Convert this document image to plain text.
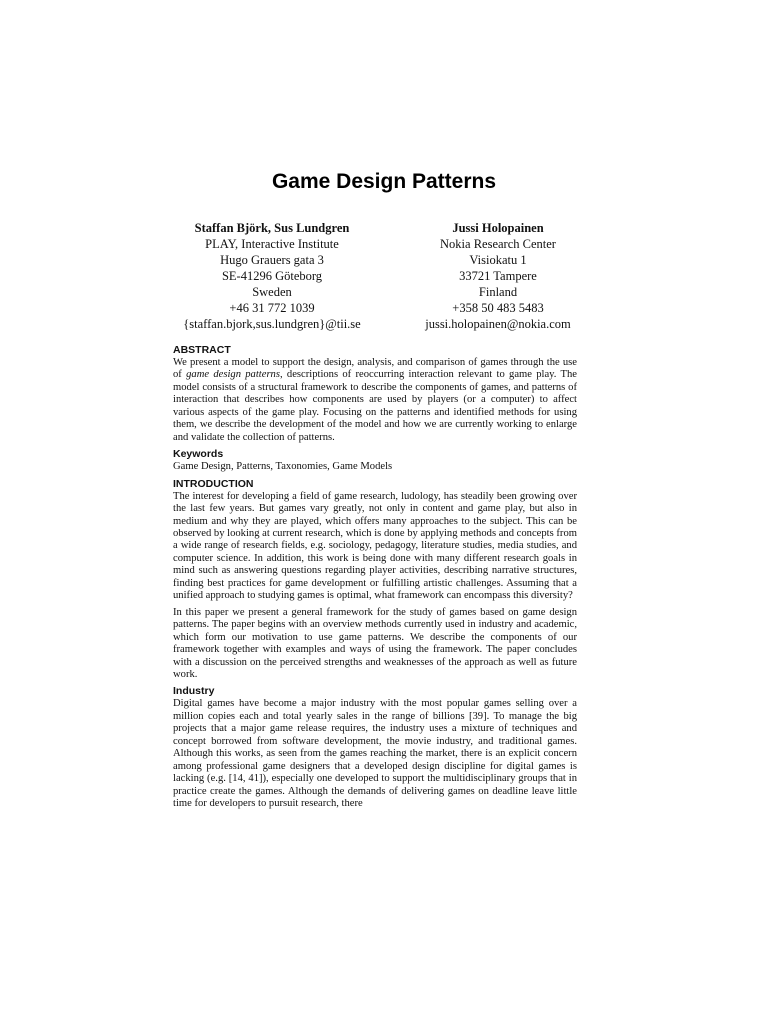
Game Design Patterns
Staffan Björk, Sus Lundgren
PLAY, Interactive Institute
Hugo Grauers gata 3
SE-41296 Göteborg
Sweden
+46 31 772 1039
{staffan.bjork,sus.lundgren}@tii.se
Jussi Holopainen
Nokia Research Center
Visiokatu 1
33721 Tampere
Finland
+358 50 483 5483
jussi.holopainen@nokia.com
ABSTRACT

We present a model to support the design, analysis, and comparison of games through the use of game design patterns, descriptions of reoccurring interaction relevant to game play. The model consists of a structural framework to describe the components of games, and patterns of interaction that describes how components are used by players (or a computer) to affect various aspects of the game play. Focusing on the patterns and identified methods for using them, we describe the development of the model and how we are currently working to enlarge and validate the collection of patterns.

Keywords

Game Design, Patterns, Taxonomies, Game Models

INTRODUCTION

The interest for developing a field of game research, ludology, has steadily been growing over the last few years. But games vary greatly, not only in content and game play, but also in medium and why they are played, which offers many approaches to the subject. This can be observed by looking at current research, which is done by applying methods and concepts from a wide range of research fields, e.g. sociology, pedagogy, literature studies, media studies, and computer science. In addition, this work is being done with many different research goals in mind such as answering questions regarding player activities, describing narrative structures, finding best practices for game development or fulfilling artistic challenges. Assuming that a unified approach to studying games is optimal, what framework can encompass this diversity?

In this paper we present a general framework for the study of games based on game design patterns. The paper begins with an overview methods currently used in industry and academic, which form our motivation to use game patterns. We describe the components of our framework together with examples and ways of using the framework. The paper concludes with a discussion on the perceived strengths and weaknesses of the approach as well as future work.

Industry

Digital games have become a major industry with the most popular games selling over a million copies each and total yearly sales in the range of billions [39]. To manage the big projects that a major game release requires, the industry uses a mixture of techniques and concept borrowed from software development, the movie industry, and traditional games. Although this works, as seen from the games reaching the market, there is an explicit concern among professional game designers that a developed design discipline for digital games is lacking (e.g. [14, 41]), especially one developed to support the multidisciplinary groups that in practice create the games. Although the demands of delivering games on deadline leave little time for developers to pursuit research, there
